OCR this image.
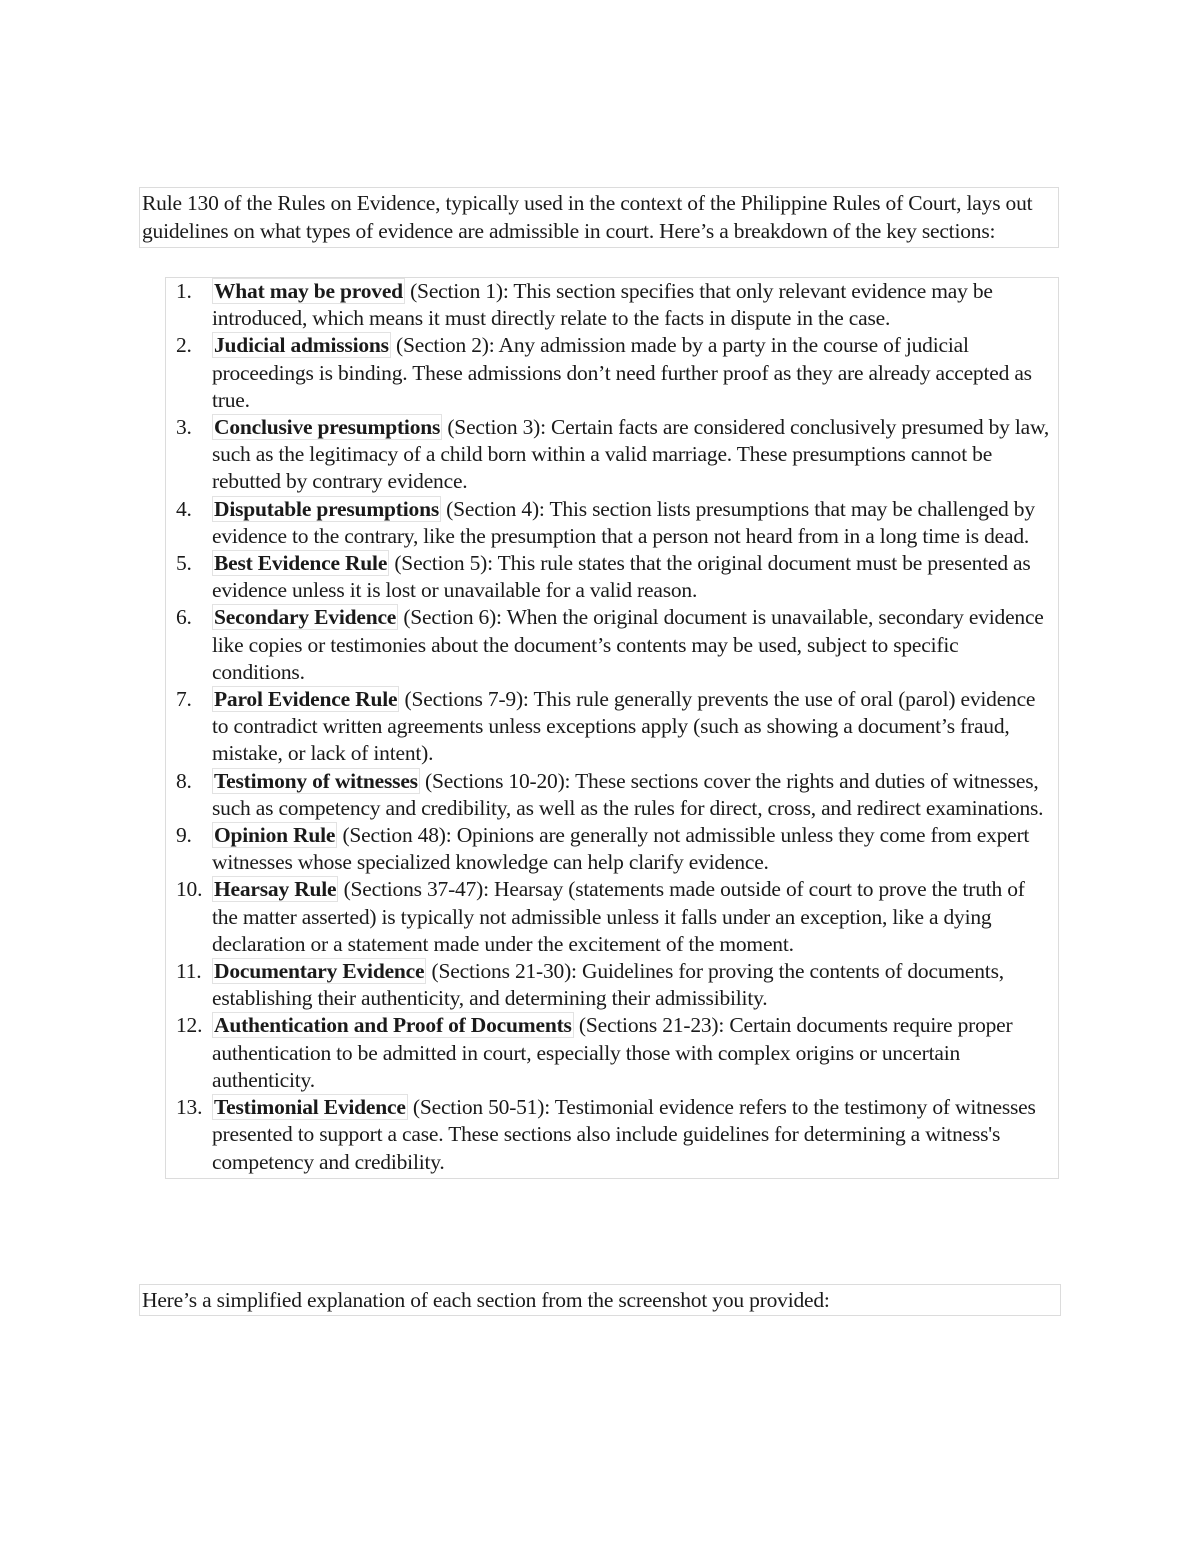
Rule 130 of the Rules on Evidence, typically used in the context of the Philippine Rules of Court, lays out guidelines on what types of evidence are admissible in court. Here’s a breakdown of the key sections:

1.	What may be proved (Section 1): This section specifies that only relevant evidence may be introduced, which means it must directly relate to the facts in dispute in the case.
2.	Judicial admissions (Section 2): Any admission made by a party in the course of judicial proceedings is binding. These admissions don’t need further proof as they are already accepted as true.
3.	Conclusive presumptions (Section 3): Certain facts are considered conclusively presumed by law, such as the legitimacy of a child born within a valid marriage. These presumptions cannot be rebutted by contrary evidence.
4.	Disputable presumptions (Section 4): This section lists presumptions that may be challenged by evidence to the contrary, like the presumption that a person not heard from in a long time is dead.
5.	Best Evidence Rule (Section 5): This rule states that the original document must be presented as evidence unless it is lost or unavailable for a valid reason.
6.	Secondary Evidence (Section 6): When the original document is unavailable, secondary evidence like copies or testimonies about the document’s contents may be used, subject to specific conditions.
7.	Parol Evidence Rule (Sections 7-9): This rule generally prevents the use of oral (parol) evidence to contradict written agreements unless exceptions apply (such as showing a document’s fraud, mistake, or lack of intent).
8.	Testimony of witnesses (Sections 10-20): These sections cover the rights and duties of witnesses, such as competency and credibility, as well as the rules for direct, cross, and redirect examinations.
9.	Opinion Rule (Section 48): Opinions are generally not admissible unless they come from expert witnesses whose specialized knowledge can help clarify evidence.
10. Hearsay Rule (Sections 37-47): Hearsay (statements made outside of court to prove the truth of the matter asserted) is typically not admissible unless it falls under an exception, like a dying declaration or a statement made under the excitement of the moment.
11. Documentary Evidence (Sections 21-30): Guidelines for proving the contents of documents, establishing their authenticity, and determining their admissibility.
12. Authentication and Proof of Documents (Sections 21-23): Certain documents require proper authentication to be admitted in court, especially those with complex origins or uncertain authenticity.
13. Testimonial Evidence (Section 50-51): Testimonial evidence refers to the testimony of witnesses presented to support a case. These sections also include guidelines for determining a witness's competency and credibility.

Here’s a simplified explanation of each section from the screenshot you provided:
